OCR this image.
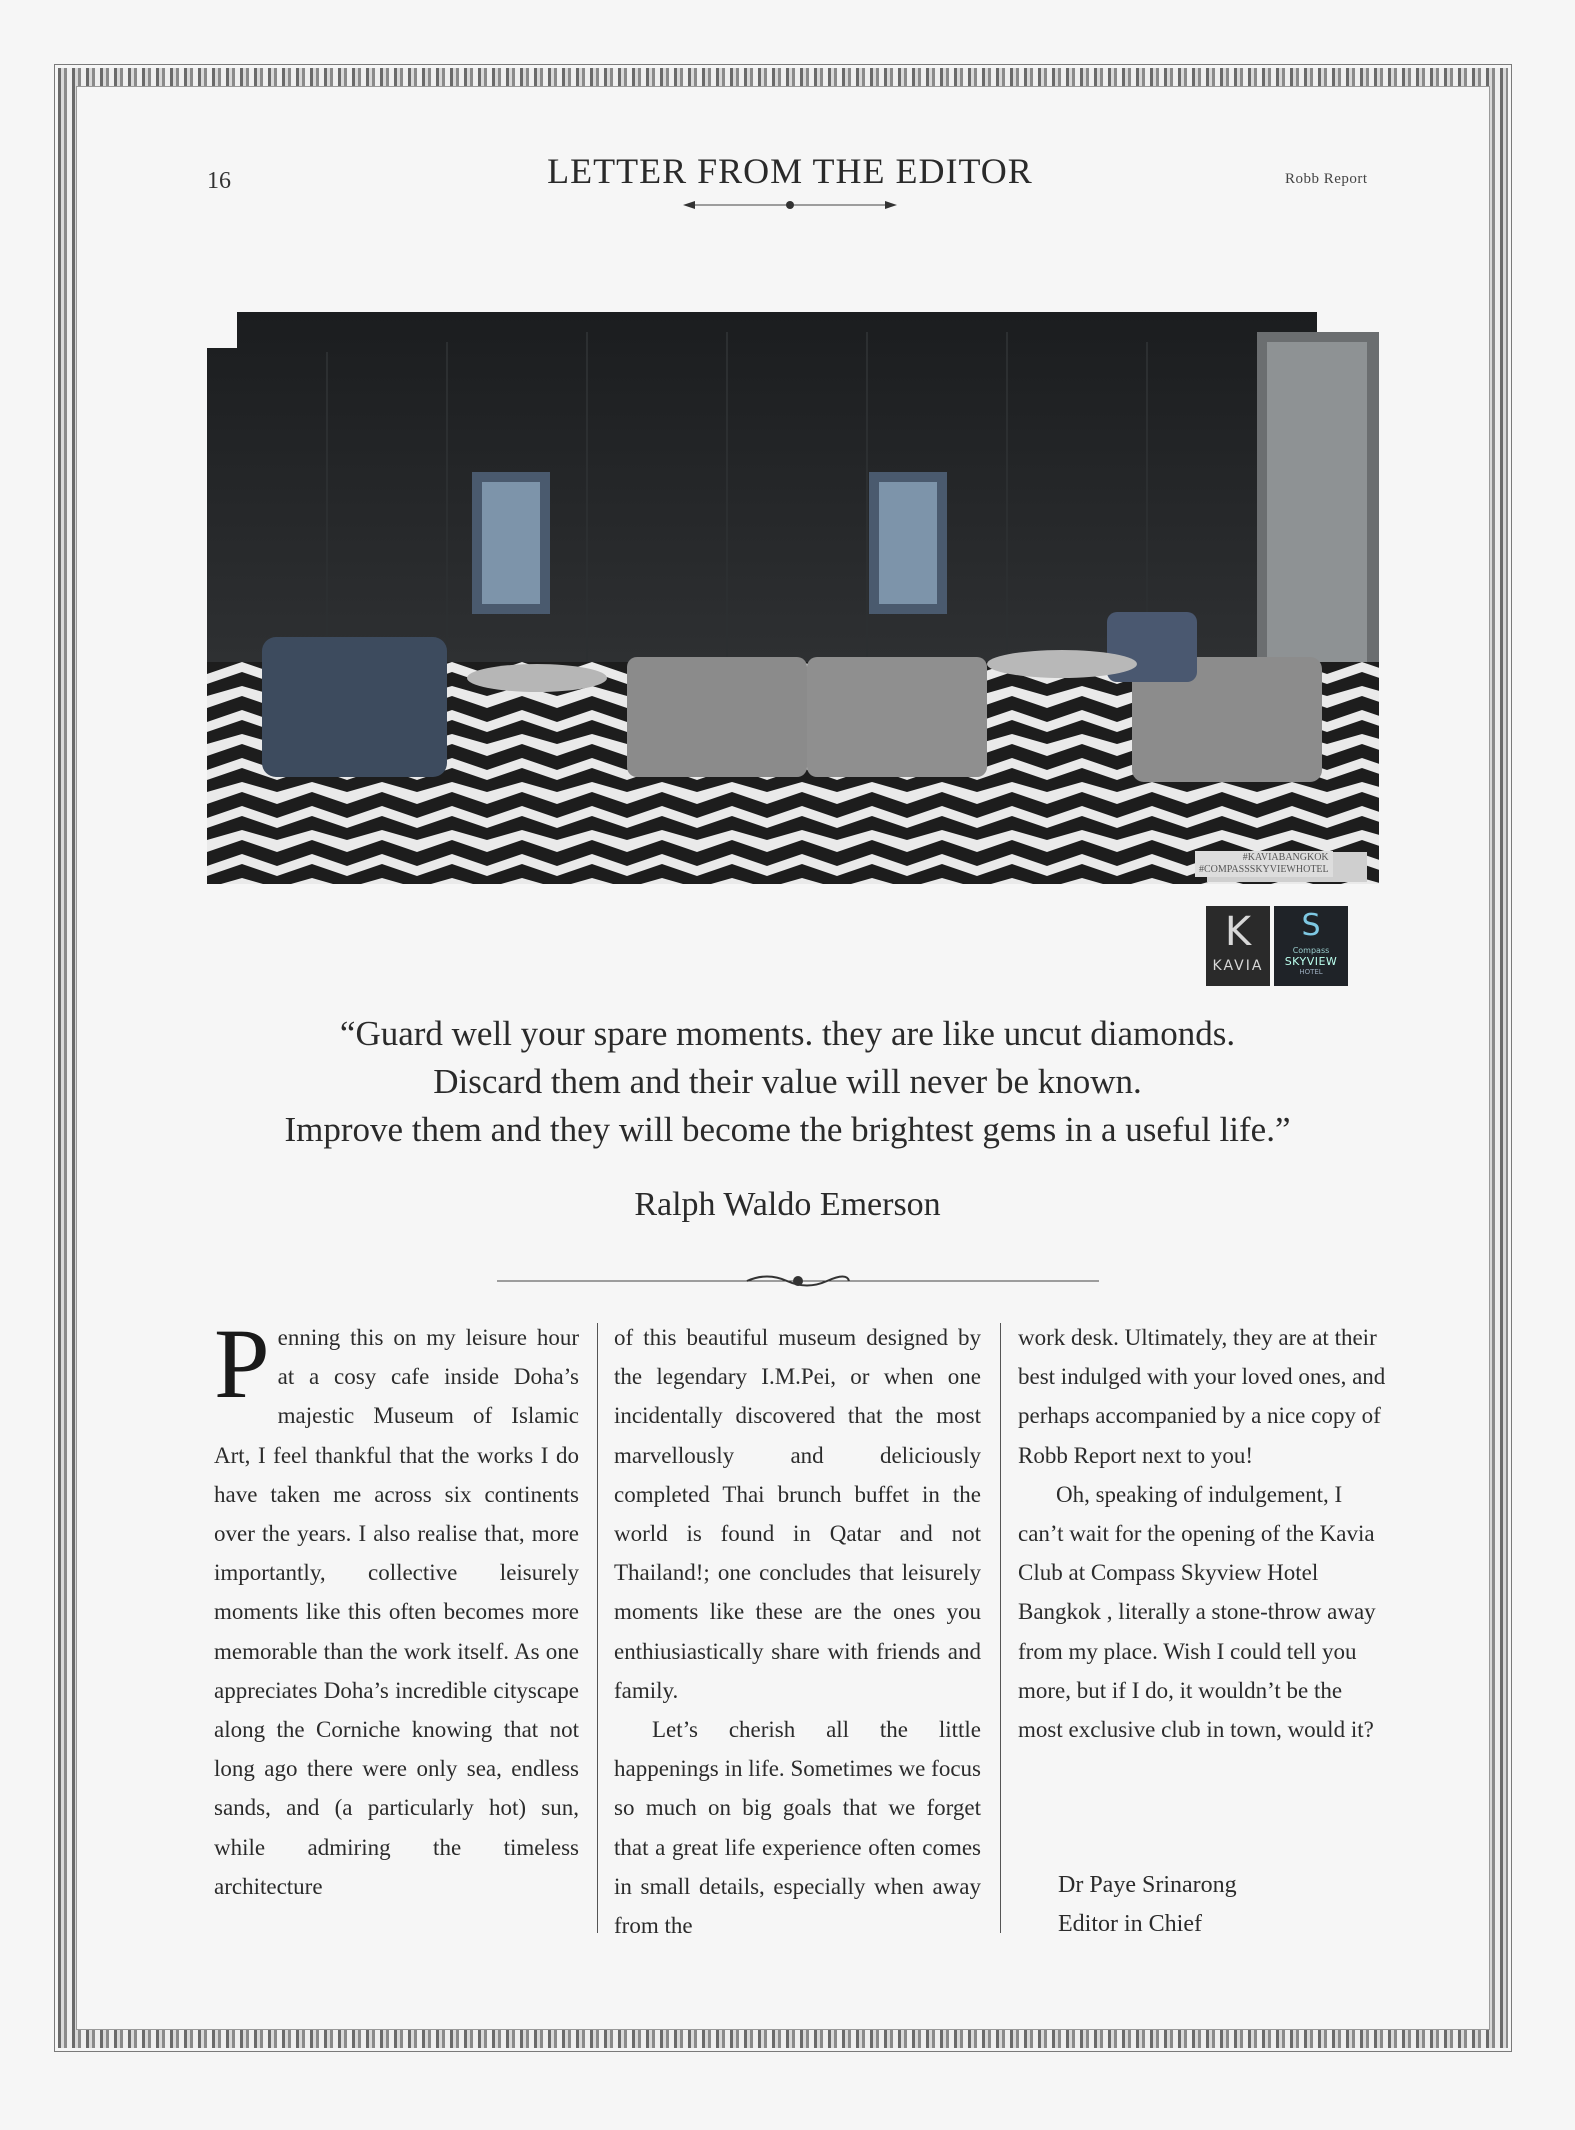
16	LETTER FROM THE EDITOR	Robb Report
#KAVIABANGKOK
#COMPASSSKYVIEWHOTEL
K
KAVIA
S
Compass
SKYVIEW
HOTEL
“Guard well your spare moments. they are like uncut diamonds.
Discard them and their value will never be known.
Improve them and they will become the brightest gems in a useful life.”
Ralph Waldo Emerson

Penning this on my leisure hour at a cosy cafe inside Doha’s majestic Museum of Islamic Art, I feel thankful that the works I do have taken me across six continents over the years. I also realise that, more importantly, collective leisurely moments like this often becomes more memorable than the work itself. As one appreciates Doha’s incredible cityscape along the Corniche knowing that not long ago there were only sea, endless sands, and (a particularly hot) sun, while admiring the timeless architecture

of this beautiful museum designed by the legendary I.M.Pei, or when one incidentally discovered that the most marvellously and deliciously completed Thai brunch buffet in the world is found in Qatar and not Thailand!; one concludes that leisurely moments like these are the ones you enthiusiastically share with friends and family.

Let’s cherish all the little happenings in life. Sometimes we focus so much on big goals that we forget that a great life experience often comes in small details, especially when away from the

work desk. Ultimately, they are at their best indulged with your loved ones, and perhaps accompanied by a nice copy of Robb Report next to you!

Oh, speaking of indulgement, I can’t wait for the opening of the Kavia Club at Compass Skyview Hotel Bangkok , literally a stone-throw away from my place. Wish I could tell you more, but if I do, it wouldn’t be the most exclusive club in town, would it?

Dr Paye Srinarong
Editor in Chief
